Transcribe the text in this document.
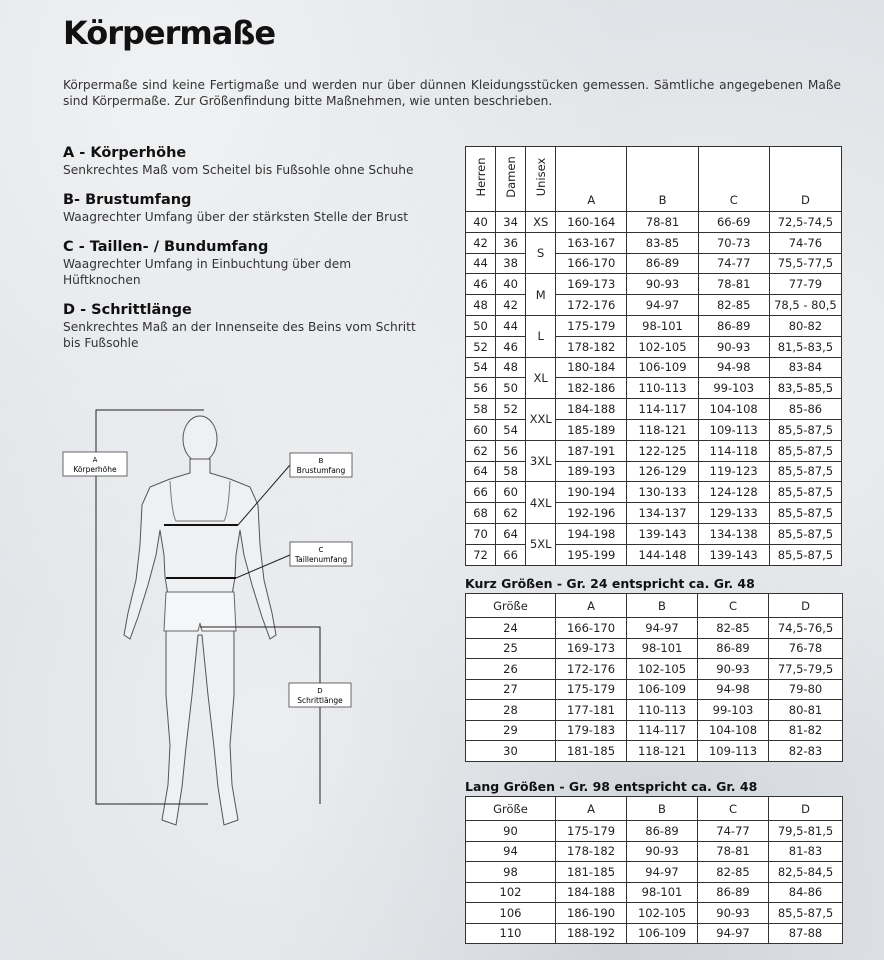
Körpermaße

Körpermaße sind keine Fertigmaße und werden nur über dünnen Kleidungsstücken gemessen. Sämtliche angegebenen Maße sind Körpermaße. Zur Größenfindung bitte Maßnehmen, wie unten beschrieben.

A - Körperhöhe

Senkrechtes Maß vom Scheitel bis Fußsohle ohne Schuhe

B- Brustumfang

Waagrechter Umfang über der stärksten Stelle der Brust

C - Taillen- / Bundumfang

Waagrechter Umfang in Einbuchtung über dem Hüftknochen

D - Schrittlänge

Senkrechtes Maß an der Innenseite des Beins vom Schritt bis Fußsohle

A
Körperhöhe
B
Brustumfang
C
Taillenumfang
D
Schrittlänge
Herren	Damen	Unisex	A	B	C	D
40	34	XS	160-164	78-81	66-69	72,5-74,5
42	36	S	163-167	83-85	70-73	74-76
44	38		166-170	86-89	74-77	75,5-77,5
46	40	M	169-173	90-93	78-81	77-79
48	42		172-176	94-97	82-85	78,5 - 80,5
50	44	L	175-179	98-101	86-89	80-82
52	46		178-182	102-105	90-93	81,5-83,5
54	48	XL	180-184	106-109	94-98	83-84
56	50		182-186	110-113	99-103	83,5-85,5
58	52	XXL	184-188	114-117	104-108	85-86
60	54		185-189	118-121	109-113	85,5-87,5
62	56	3XL	187-191	122-125	114-118	85,5-87,5
64	58		189-193	126-129	119-123	85,5-87,5
66	60	4XL	190-194	130-133	124-128	85,5-87,5
68	62		192-196	134-137	129-133	85,5-87,5
70	64	5XL	194-198	139-143	134-138	85,5-87,5
72	66		195-199	144-148	139-143	85,5-87,5

Kurz Größen - Gr. 24 entspricht ca. Gr. 48

Größe	A	B	C	D
24	166-170	94-97	82-85	74,5-76,5
25	169-173	98-101	86-89	76-78
26	172-176	102-105	90-93	77,5-79,5
27	175-179	106-109	94-98	79-80
28	177-181	110-113	99-103	80-81
29	179-183	114-117	104-108	81-82
30	181-185	118-121	109-113	82-83

Lang Größen - Gr. 98 entspricht ca. Gr. 48

Größe	A	B	C	D
90	175-179	86-89	74-77	79,5-81,5
94	178-182	90-93	78-81	81-83
98	181-185	94-97	82-85	82,5-84,5
102	184-188	98-101	86-89	84-86
106	186-190	102-105	90-93	85,5-87,5
110	188-192	106-109	94-97	87-88
